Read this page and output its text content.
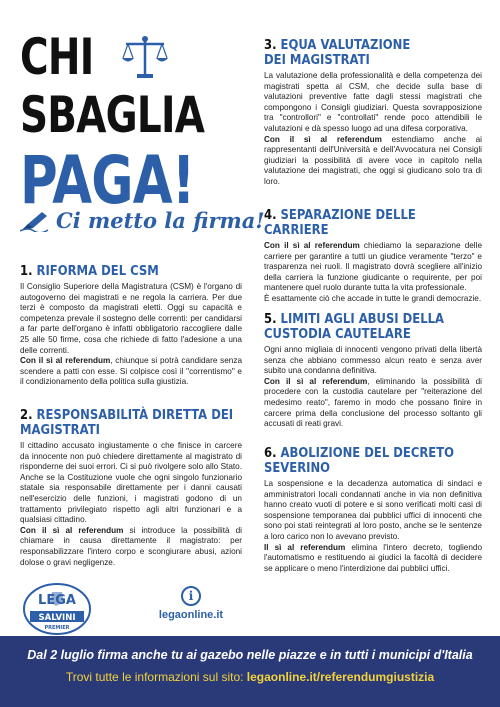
CHI
SBAGLIA
PAGA!
Ci metto la firma!
1. RIFORMA DEL CSM

Il Consiglio Superiore della Magistratura (CSM) è l'organo di autogoverno dei magistrati e ne regola la carriera. Per due terzi è composto da magistrati eletti. Oggi su capacità e competenza prevale il sostegno delle correnti: per candidarsi a far parte dell'organo è infatti obbligatorio raccogliere dalle 25 alle 50 firme, cosa che richiede di fatto l'adesione a una delle correnti.
Con il sì al referendum, chiunque si potrà candidare senza scendere a patti con esse. Si colpisce così il "correntismo" e il condizionamento della politica sulla giustizia.

2. RESPONSABILITÀ DIRETTA DEI
MAGISTRATI

Il cittadino accusato ingiustamente o che finisce in carcere da innocente non può chiedere direttamente al magistrato di risponderne dei suoi errori. Ci si può rivolgere solo allo Stato. Anche se la Costituzione vuole che ogni singolo funzionario statale sia responsabile direttamente per i danni causati nell'esercizio delle funzioni, i magistrati godono di un trattamento privilegiato rispetto agli altri funzionari e a qualsiasi cittadino.
Con il sì al referendum si introduce la possibilità di chiamare in causa direttamente il magistrato: per responsabilizzare l'intero corpo e scongiurare abusi, azioni dolose o gravi negligenze.

3. EQUA VALUTAZIONE
DEI MAGISTRATI

La valutazione della professionalità e della competenza dei magistrati spetta al CSM, che decide sulla base di valutazioni preventive fatte dagli stessi magistrati che compongono i Consigli giudiziari. Questa sovrapposizione tra "controllori" e "controllati" rende poco attendibili le valutazioni e dà spesso luogo ad una difesa corporativa.
Con il sì al referendum estendiamo anche ai rappresentanti dell'Università e dell'Avvocatura nei Consigli giudiziari la possibilità di avere voce in capitolo nella valutazione dei magistrati, che oggi si giudicano solo tra di loro.

4. SEPARAZIONE DELLE CARRIERE

Con il sì al referendum chiediamo la separazione delle carriere per garantire a tutti un giudice veramente "terzo" e trasparenza nei ruoli. Il magistrato dovrà scegliere all'inizio della carriera la funzione giudicante o requirente, per poi mantenere quel ruolo durante tutta la vita professionale.
È esattamente ciò che accade in tutte le grandi democrazie.

5. LIMITI AGLI ABUSI DELLA
CUSTODIA CAUTELARE

Ogni anno migliaia di innocenti vengono privati della libertà senza che abbiano commesso alcun reato e senza aver subito una condanna definitiva.
Con il sì al referendum, eliminando la possibilità di procedere con la custodia cautelare per "reiterazione del medesimo reato", faremo in modo che possano finire in carcere prima della conclusione del processo soltanto gli accusati di reati gravi.

6. ABOLIZIONE DEL DECRETO
SEVERINO

La sospensione e la decadenza automatica di sindaci e amministratori locali condannati anche in via non definitiva hanno creato vuoti di potere e si sono verificati molti casi di sospensione temporanea dai pubblici uffici di innocenti che sono poi stati reintegrati al loro posto, anche se le sentenze a loro carico non lo avevano previsto.
Il sì al referendum elimina l'intero decreto, togliendo l'automatismo e restituendo ai giudici la facoltà di decidere se applicare o meno l'interdizione dai pubblici uffici.

LEGA
SALVINI
PREMIER
i
legaonline.it
Dal 2 luglio firma anche tu ai gazebo nelle piazze e in tutti i municipi d'Italia
Trovi tutte le informazioni sul sito: legaonline.it/referendumgiustizia
